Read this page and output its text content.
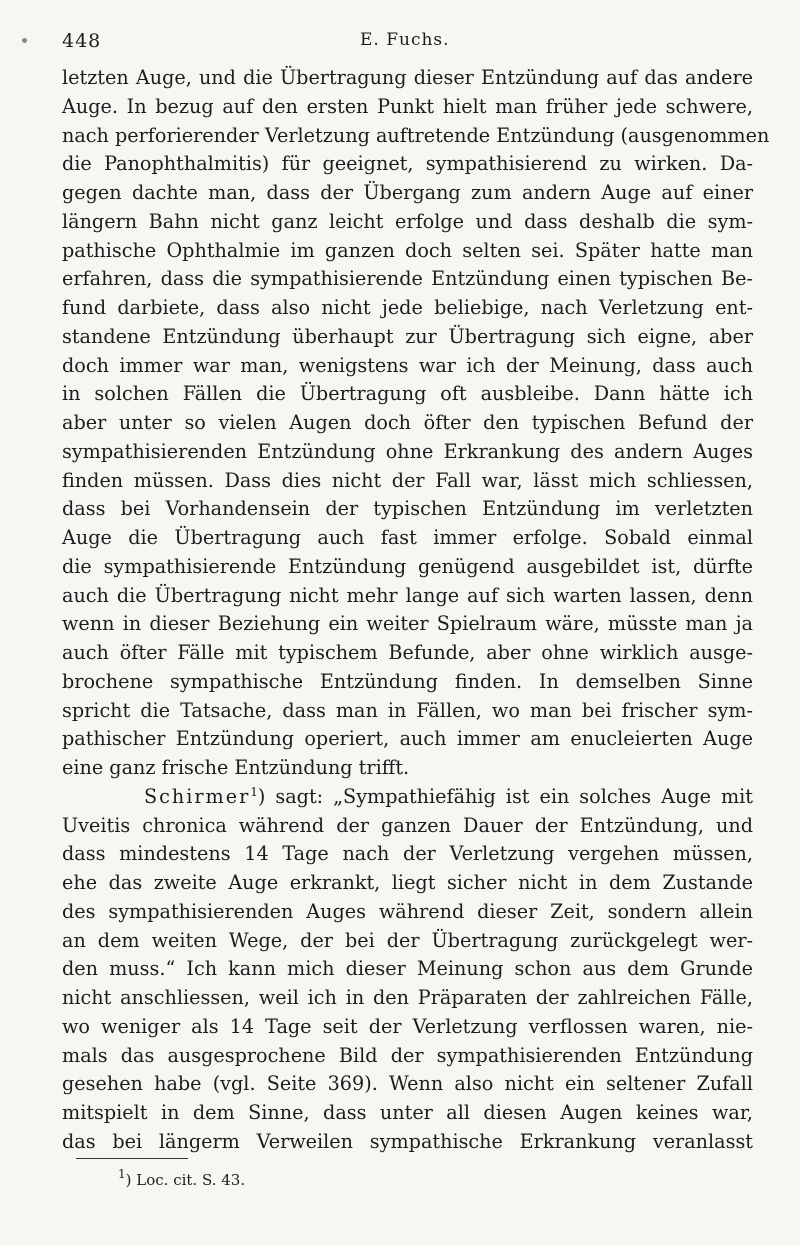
448	E. Fuchs.
letzten Auge, und die Übertragung dieser Entzündung auf das andere
Auge. In bezug auf den ersten Punkt hielt man früher jede schwere,
nach perforierender Verletzung auftretende Entzündung (ausgenommen
die Panophthalmitis) für geeignet, sympathisierend zu wirken. Da-
gegen dachte man, dass der Übergang zum andern Auge auf einer
längern Bahn nicht ganz leicht erfolge und dass deshalb die sym-
pathische Ophthalmie im ganzen doch selten sei. Später hatte man
erfahren, dass die sympathisierende Entzündung einen typischen Be-
fund darbiete, dass also nicht jede beliebige, nach Verletzung ent-
standene Entzündung überhaupt zur Übertragung sich eigne, aber
doch immer war man, wenigstens war ich der Meinung, dass auch
in solchen Fällen die Übertragung oft ausbleibe. Dann hätte ich
aber unter so vielen Augen doch öfter den typischen Befund der
sympathisierenden Entzündung ohne Erkrankung des andern Auges
finden müssen. Dass dies nicht der Fall war, lässt mich schliessen,
dass bei Vorhandensein der typischen Entzündung im verletzten
Auge die Übertragung auch fast immer erfolge. Sobald einmal
die sympathisierende Entzündung genügend ausgebildet ist, dürfte
auch die Übertragung nicht mehr lange auf sich warten lassen, denn
wenn in dieser Beziehung ein weiter Spielraum wäre, müsste man ja
auch öfter Fälle mit typischem Befunde, aber ohne wirklich ausge-
brochene sympathische Entzündung finden. In demselben Sinne
spricht die Tatsache, dass man in Fällen, wo man bei frischer sym-
pathischer Entzündung operiert, auch immer am enucleierten Auge
eine ganz frische Entzündung trifft.
Schirmer$^1$) sagt: „Sympathiefähig ist ein solches Auge mit
Uveitis chronica während der ganzen Dauer der Entzündung, und
dass mindestens 14 Tage nach der Verletzung vergehen müssen,
ehe das zweite Auge erkrankt, liegt sicher nicht in dem Zustande
des sympathisierenden Auges während dieser Zeit, sondern allein
an dem weiten Wege, der bei der Übertragung zurückgelegt wer-
den muss.“ Ich kann mich dieser Meinung schon aus dem Grunde
nicht anschliessen, weil ich in den Präparaten der zahlreichen Fälle,
wo weniger als 14 Tage seit der Verletzung verflossen waren, nie-
mals das ausgesprochene Bild der sympathisierenden Entzündung
gesehen habe (vgl. Seite 369). Wenn also nicht ein seltener Zufall
mitspielt in dem Sinne, dass unter all diesen Augen keines war,
das bei längerm Verweilen sympathische Erkrankung veranlasst
$^1$) Loc. cit. S. 43.
